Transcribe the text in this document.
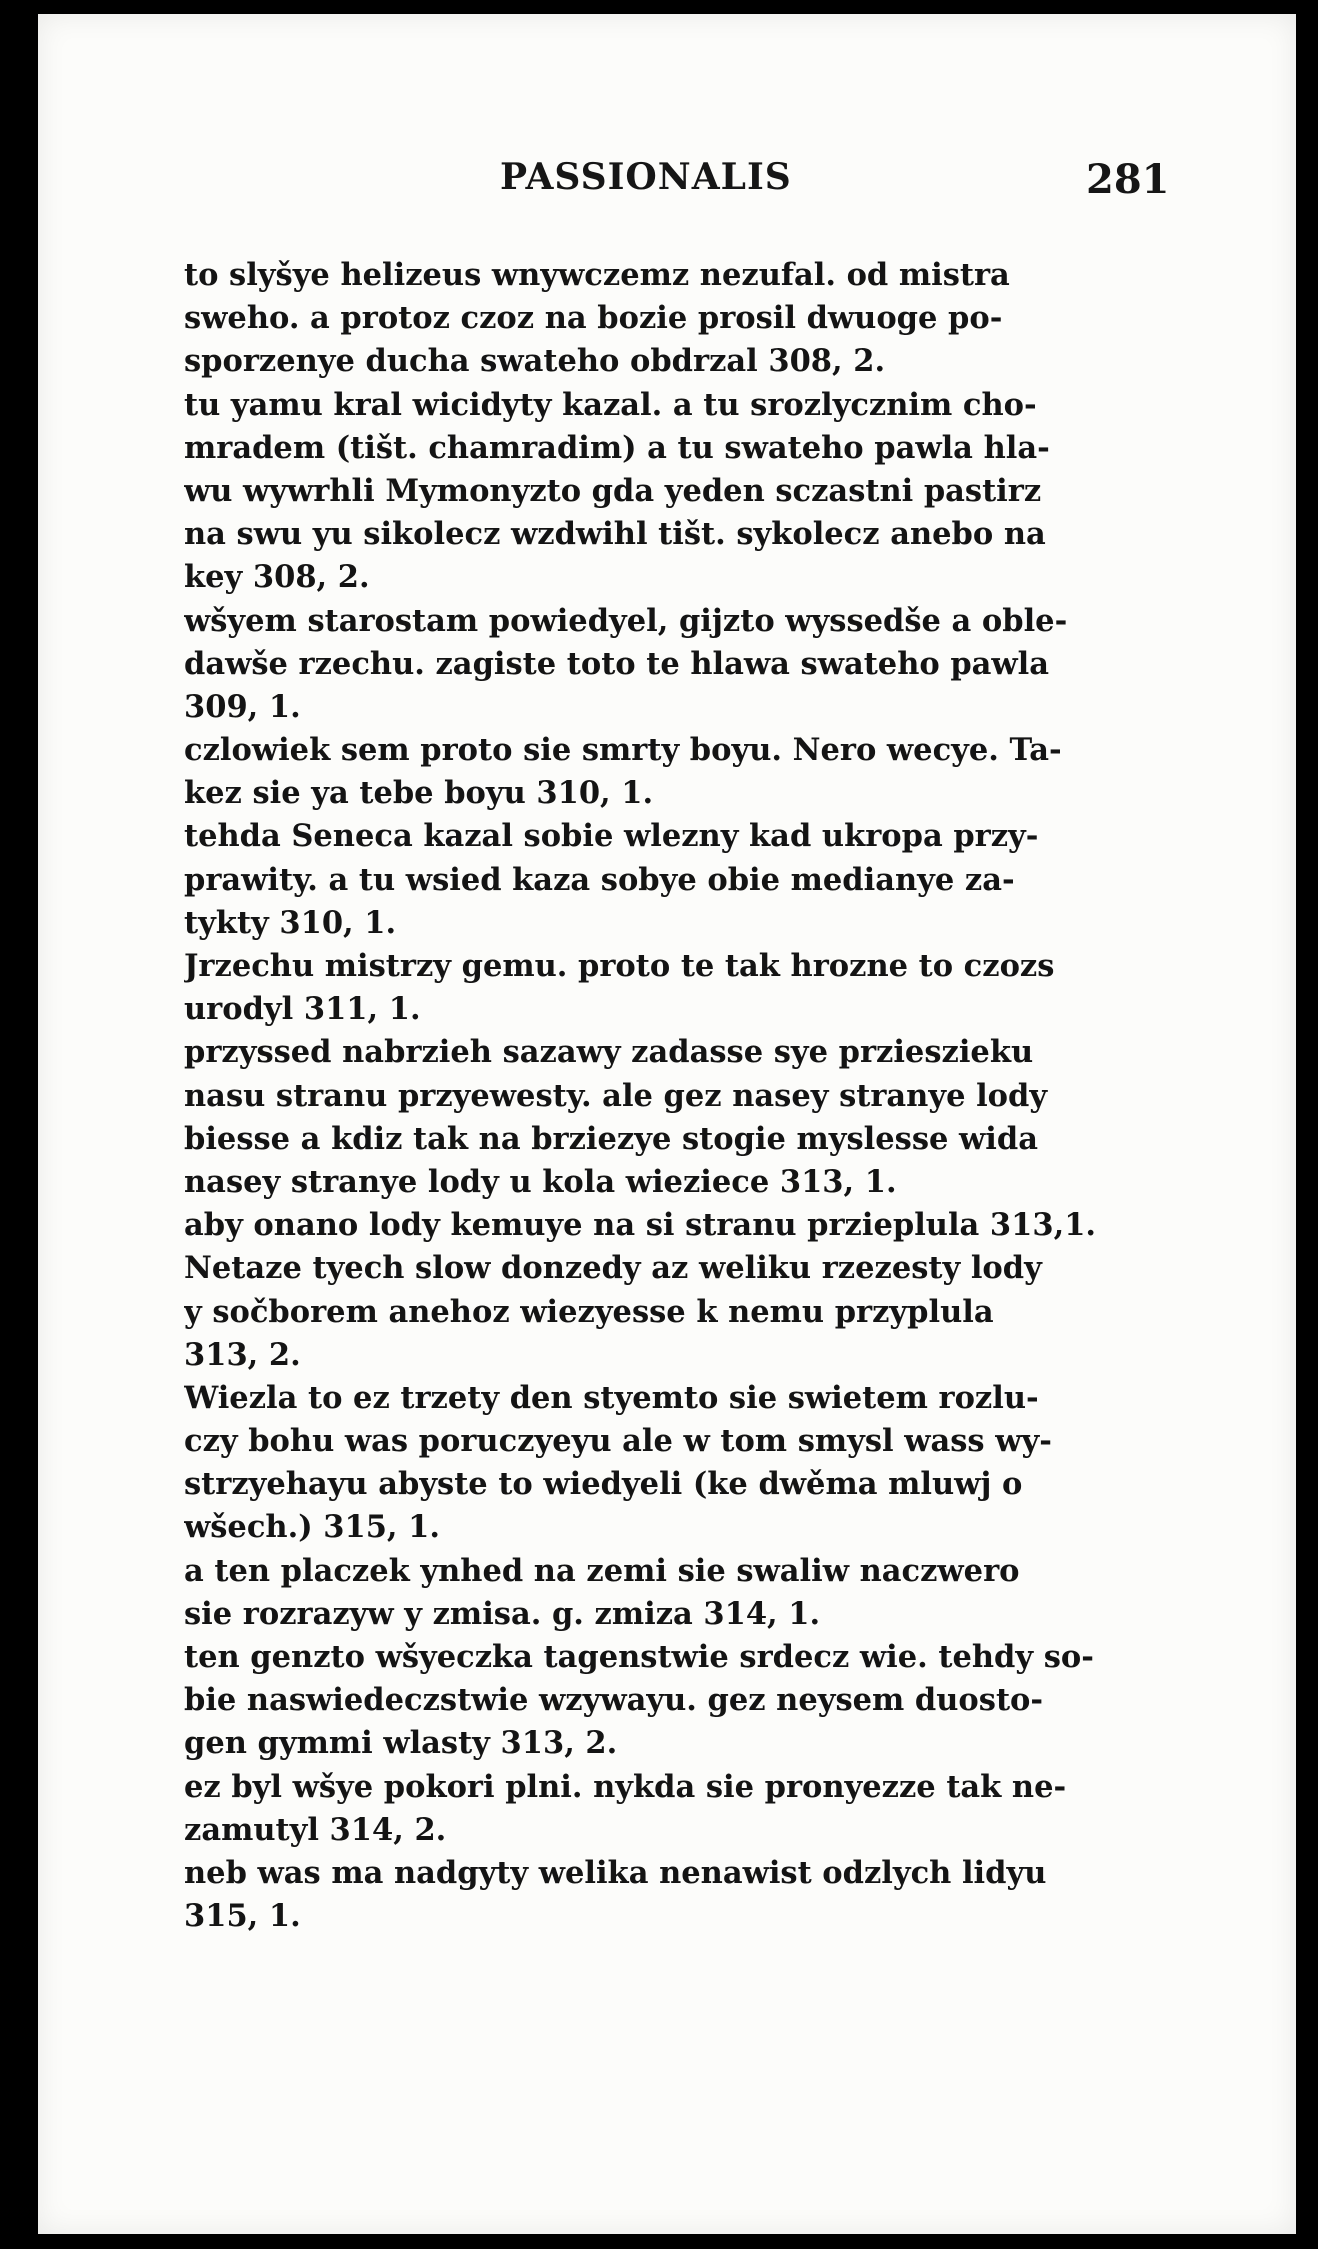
PASSIONALIS	281
to slyšye helizeus wnywczemz nezufal. od mistra
sweho. a protoz czoz na bozie prosil dwuoge po-
sporzenye ducha swateho obdrzal 308, 2.
tu yamu kral wicidyty kazal. a tu srozlycznim cho-
mradem (tišt. chamradim) a tu swateho pawla hla-
wu wywrhli Mymonyzto gda yeden sczastni pastirz
na swu yu sikolecz wzdwihl tišt. sykolecz anebo na
key 308, 2.
wšyem starostam powiedyel, gijzto wyssedše a oble-
dawše rzechu. zagiste toto te hlawa swateho pawla
309, 1.
czlowiek sem proto sie smrty boyu. Nero wecye. Ta-
kez sie ya tebe boyu 310, 1.
tehda Seneca kazal sobie wlezny kad ukropa przy-
prawity. a tu wsied kaza sobye obie medianye za-
tykty 310, 1.
Jrzechu mistrzy gemu. proto te tak hrozne to czozs
urodyl 311, 1.
przyssed nabrzieh sazawy zadasse sye przieszieku
nasu stranu przyewesty. ale gez nasey stranye lody
biesse a kdiz tak na brziezye stogie myslesse wida
nasey stranye lody u kola wieziece 313, 1.
aby onano lody kemuye na si stranu przieplula 313,1.
Netaze tyech slow donzedy az weliku rzezesty lody
y sočborem anehoz wiezyesse k nemu przyplula
313, 2.
Wiezla to ez trzety den styemto sie swietem rozlu-
czy bohu was poruczyeyu ale w tom smysl wass wy-
strzyehayu abyste to wiedyeli (ke dwěma mluwj o
wšech.) 315, 1.
a ten placzek ynhed na zemi sie swaliw naczwero
sie rozrazyw y zmisa. g. zmiza 314, 1.
ten genzto wšyeczka tagenstwie srdecz wie. tehdy so-
bie naswiedeczstwie wzywayu. gez neysem duosto-
gen gymmi wlasty 313, 2.
ez byl wšye pokori plni. nykda sie pronyezze tak ne-
zamutyl 314, 2.
neb was ma nadgyty welika nenawist odzlych lidyu
315, 1.
